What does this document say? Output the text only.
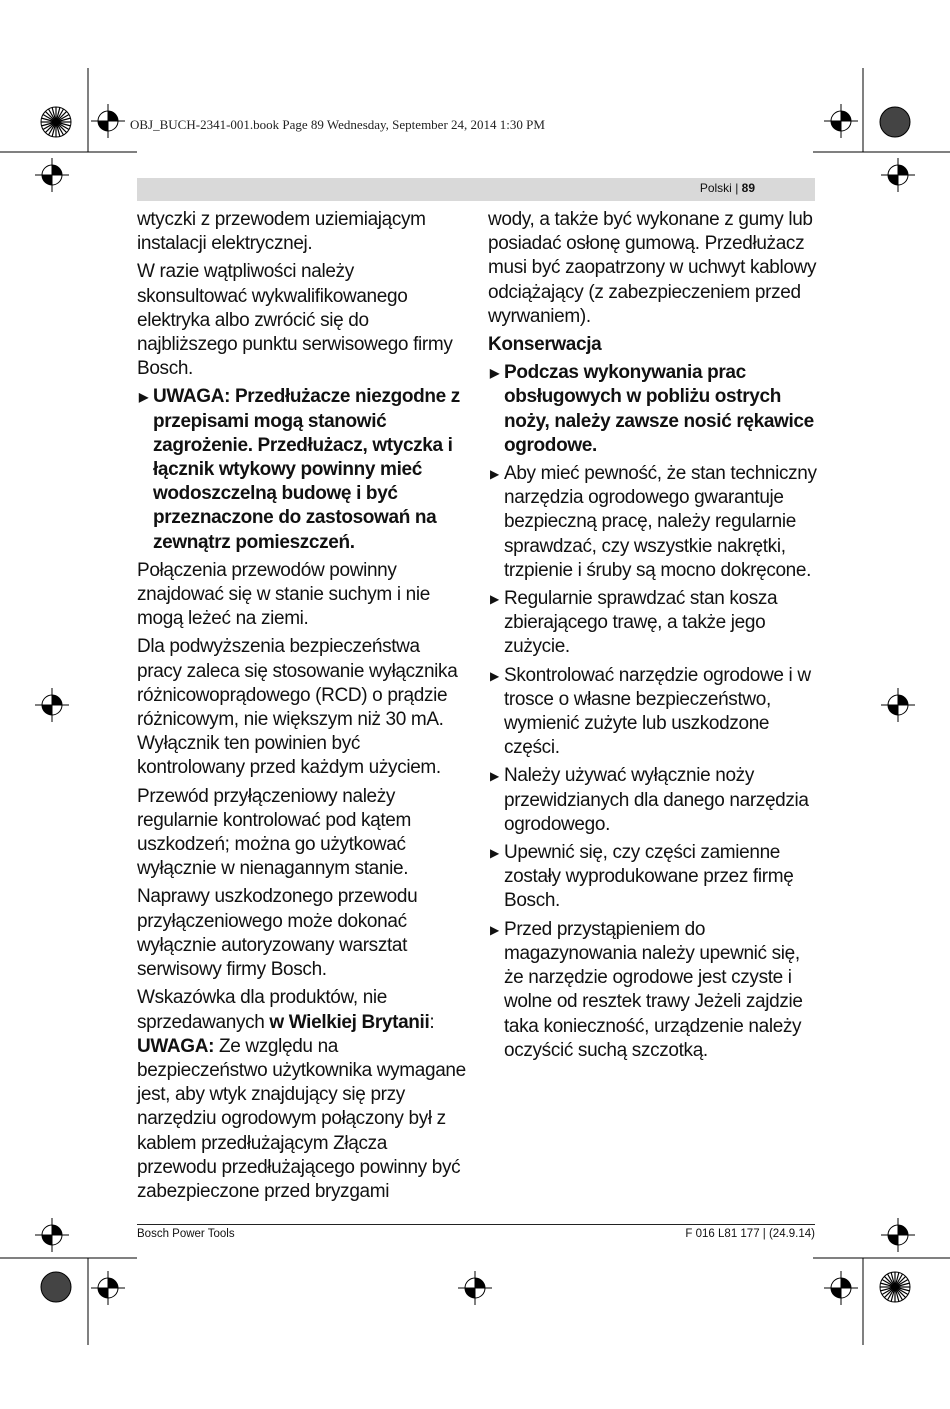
OBJ_BUCH-2341-001.book Page 89 Wednesday, September 24, 2014 1:30 PM
Polski | 89

wtyczki z przewodem uziemiającym instalacji elektrycznej.

W razie wątpliwości należy skonsultować wykwalifikowanego elektryka albo zwrócić się do najbliższego punktu serwisowego firmy Bosch.

▶ UWAGA: Przedłużacze niezgodne z przepisami mogą stanowić zagrożenie. Przedłużacz, wtyczka i łącznik wtykowy powinny mieć wodoszczelną budowę i być przeznaczone do zastosowań na zewnątrz pomieszczeń.

Połączenia przewodów powinny znajdować się w stanie suchym i nie mogą leżeć na ziemi.

Dla podwyższenia bezpieczeństwa pracy zaleca się stosowanie wyłącznika różnicowoprądowego (RCD) o prądzie różnicowym, nie większym niż 30 mA. Wyłącznik ten powinien być kontrolowany przed każdym użyciem.

Przewód przyłączeniowy należy regularnie kontrolować pod kątem uszkodzeń; można go użytkować wyłącznie w nienagannym stanie.

Naprawy uszkodzonego przewodu przyłączeniowego może dokonać wyłącznie autoryzowany warsztat serwisowy firmy Bosch.

Wskazówka dla produktów, nie sprzedawanych w Wielkiej Brytanii:

UWAGA: Ze względu na bezpieczeństwo użytkownika wymagane jest, aby wtyk znajdujący się przy narzędziu ogrodowym połączony był z kablem przedłużającym Złącza przewodu przedłużającego powinny być zabezpieczone przed bryzgami

wody, a także być wykonane z gumy lub posiadać osłonę gumową. Przedłużacz musi być zaopatrzony w uchwyt kablowy odciążający (z zabezpieczeniem przed wyrwaniem).

Konserwacja

▶ Podczas wykonywania prac obsługowych w pobliżu ostrych noży, należy zawsze nosić rękawice ogrodowe.
▶ Aby mieć pewność, że stan techniczny narzędzia ogrodowego gwarantuje bezpieczną pracę, należy regularnie sprawdzać, czy wszystkie nakrętki, trzpienie i śruby są mocno dokręcone.
▶ Regularnie sprawdzać stan kosza zbierającego trawę, a także jego zużycie.
▶ Skontrolować narzędzie ogrodowe i w trosce o własne bezpieczeństwo, wymienić zużyte lub uszkodzone części.
▶ Należy używać wyłącznie noży przewidzianych dla danego narzędzia ogrodowego.
▶ Upewnić się, czy części zamienne zostały wyprodukowane przez firmę Bosch.
▶ Przed przystąpieniem do magazynowania należy upewnić się, że narzędzie ogrodowe jest czyste i wolne od resztek trawy Jeżeli zajdzie taka konieczność, urządzenie należy oczyścić suchą szczotką.
Bosch Power Tools	F 016 L81 177 | (24.9.14)
